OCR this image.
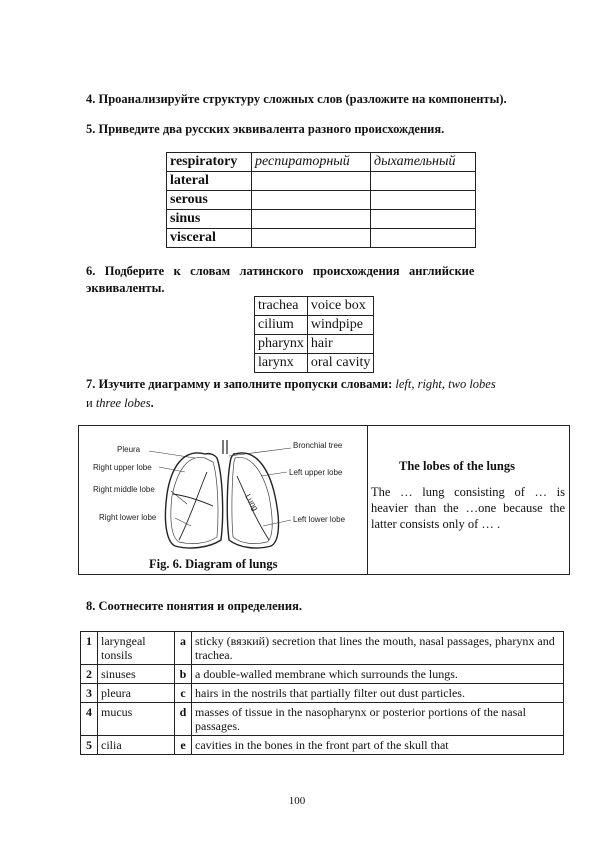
4. Проанализируйте структуру сложных слов (разложите на компоненты).
5. Приведите два русских эквивалента разного происхождения.
respiratory	респираторный	дыхательный
lateral		
serous		
sinus		
visceral		
6.   Подберите   к   словам   латинского   происхождения   английские
эквиваленты.
trachea	voice box
cilium	windpipe
pharynx	hair
larynx	oral cavity
7. Изучите диаграмму и заполните пропуски словами: left, right, two lobes
и three lobes.
Pleura	Bronchial tree
Right upper lobe
Left upper lobe
Right middle lobe
Lung
Right lower lobe	Left lower lobe
Fig. 6. Diagram of lungs
The lobes of the lungs
The … lung consisting of … is heavier than the …one because the latter consists only of … .
8. Соотнесите понятия и определения.
1	laryngeal tonsils	a	sticky (вязкий) secretion that lines the mouth, nasal passages, pharynx and trachea.
2	sinuses	b	a double-walled membrane which surrounds the lungs.
3	pleura	c	hairs in the nostrils that partially filter out dust particles.
4	mucus	d	masses of tissue in the nasopharynx or posterior portions of the nasal passages.
5	cilia	e	cavities in the bones in the front part of the skull that
100
